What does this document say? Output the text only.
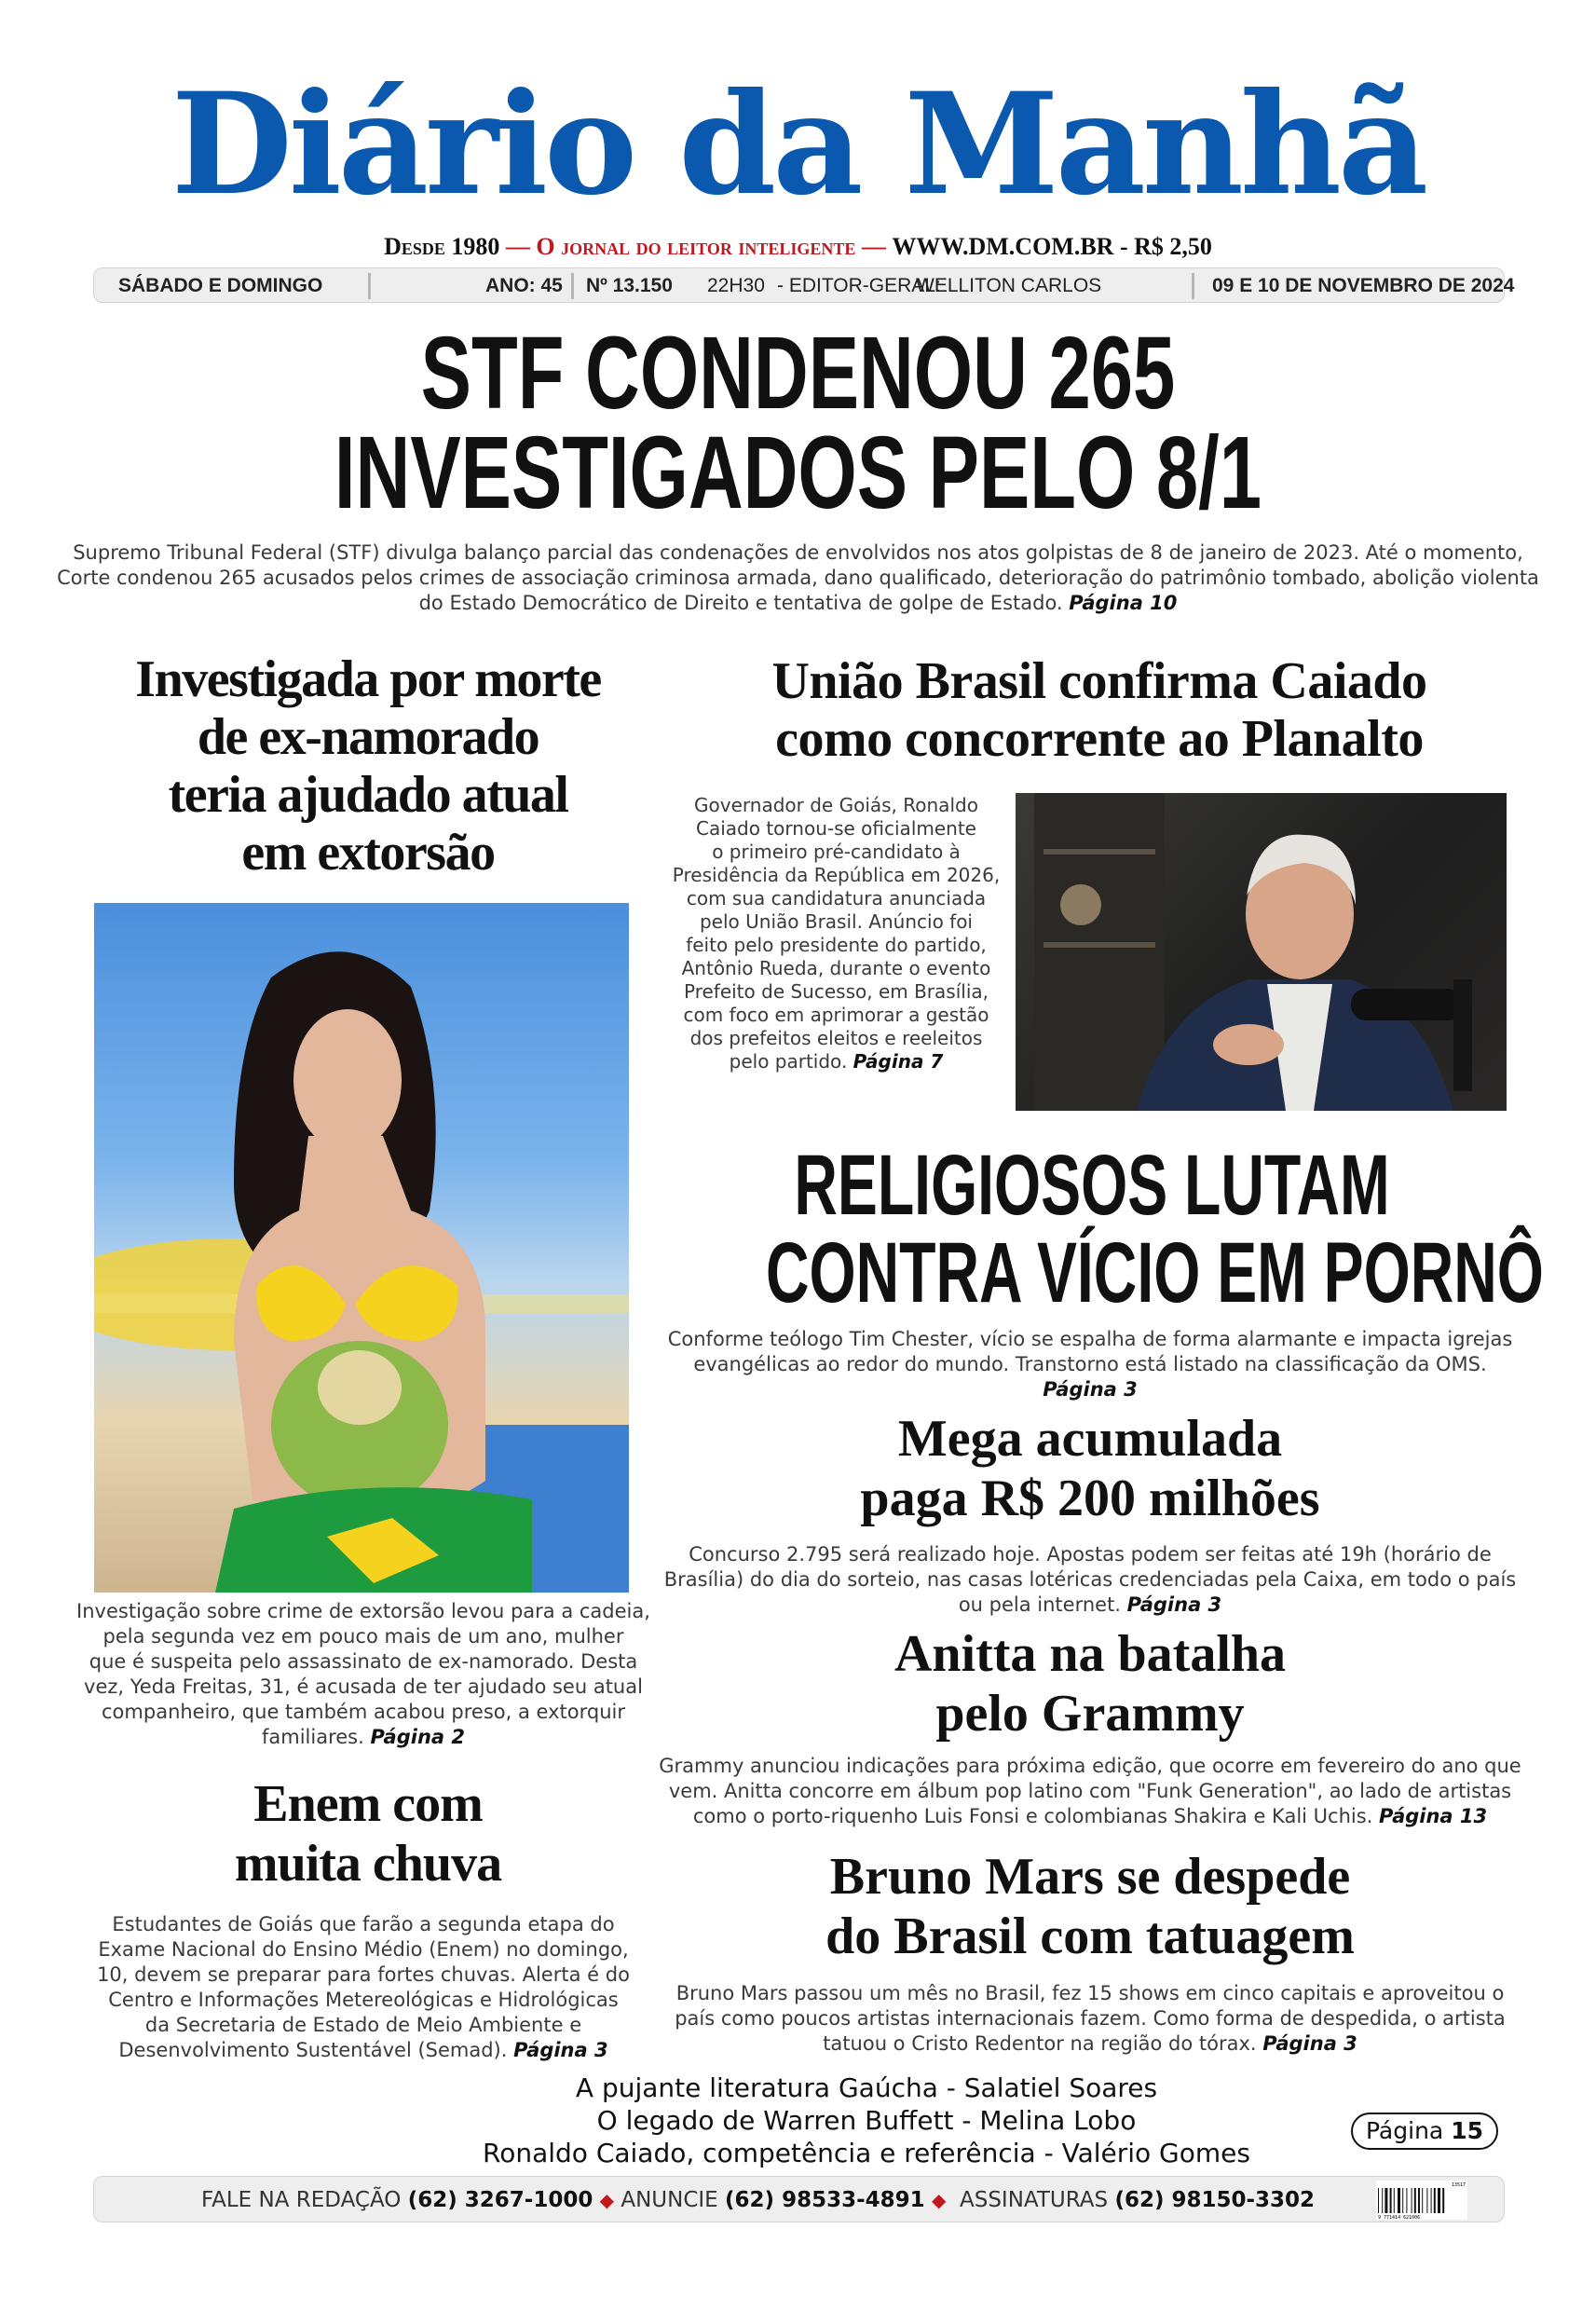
Diário da Manhã
Desde 1980 — O jornal do leitor inteligente — WWW.DM.COM.BR - R$ 2,50
SÁBADO E DOMINGO	ANO: 45 Nº 13.150 22H30 - EDITOR-GERAL:
WELLITON CARLOS	09 E 10 DE NOVEMBRO DE 2024
STF CONDENOU 265
INVESTIGADOS PELO 8/1
Supremo Tribunal Federal (STF) divulga balanço parcial das condenações de envolvidos nos atos golpistas de 8 de janeiro de 2023. Até o momento,
Corte condenou 265 acusados pelos crimes de associação criminosa armada, dano qualificado, deterioração do patrimônio tombado, abolição violenta
do Estado Democrático de Direito e tentativa de golpe de Estado. Página 10
Investigada por morte
de ex-namorado
teria ajudado atual
em extorsão
Investigação sobre crime de extorsão levou para a cadeia,
pela segunda vez em pouco mais de um ano, mulher
que é suspeita pelo assassinato de ex-namorado. Desta
vez, Yeda Freitas, 31, é acusada de ter ajudado seu atual
companheiro, que também acabou preso, a extorquir
familiares. Página 2
Enem com
muita chuva
Estudantes de Goiás que farão a segunda etapa do
Exame Nacional do Ensino Médio (Enem) no domingo,
10, devem se preparar para fortes chuvas. Alerta é do
Centro e Informações Metereológicas e Hidrológicas
da Secretaria de Estado de Meio Ambiente e
Desenvolvimento Sustentável (Semad). Página 3
União Brasil confirma Caiado
como concorrente ao Planalto
Governador de Goiás, Ronaldo
Caiado tornou-se oficialmente
o primeiro pré-candidato à
Presidência da República em 2026,
com sua candidatura anunciada
pelo União Brasil. Anúncio foi
feito pelo presidente do partido,
Antônio Rueda, durante o evento
Prefeito de Sucesso, em Brasília,
com foco em aprimorar a gestão
dos prefeitos eleitos e reeleitos
pelo partido. Página 7
RELIGIOSOS LUTAM
CONTRA VÍCIO EM PORNÔ
Conforme teólogo Tim Chester, vício se espalha de forma alarmante e impacta igrejas
evangélicas ao redor do mundo. Transtorno está listado na classificação da OMS.
Página 3
Mega acumulada
paga R$ 200 milhões
Concurso 2.795 será realizado hoje. Apostas podem ser feitas até 19h (horário de
Brasília) do dia do sorteio, nas casas lotéricas credenciadas pela Caixa, em todo o país
ou pela internet. Página 3
Anitta na batalha
pelo Grammy
Grammy anunciou indicações para próxima edição, que ocorre em fevereiro do ano que
vem. Anitta concorre em álbum pop latino com "Funk Generation", ao lado de artistas
como o porto-riquenho Luis Fonsi e colombianas Shakira e Kali Uchis. Página 13
Bruno Mars se despede
do Brasil com tatuagem
Bruno Mars passou um mês no Brasil, fez 15 shows em cinco capitais e aproveitou o
país como poucos artistas internacionais fazem. Como forma de despedida, o artista
tatuou o Cristo Redentor na região do tórax. Página 3
A pujante literatura Gaúcha - Salatiel Soares
O legado de Warren Buffett - Melina Lobo
Ronaldo Caiado, competência e referência - Valério Gomes
Página 15
FALE NA REDAÇÃO (62) 3267-1000 ◆ ANUNCIE (62) 98533-4891 ◆ ASSINATURAS (62) 98150-3302
13517
9 771414 621006
